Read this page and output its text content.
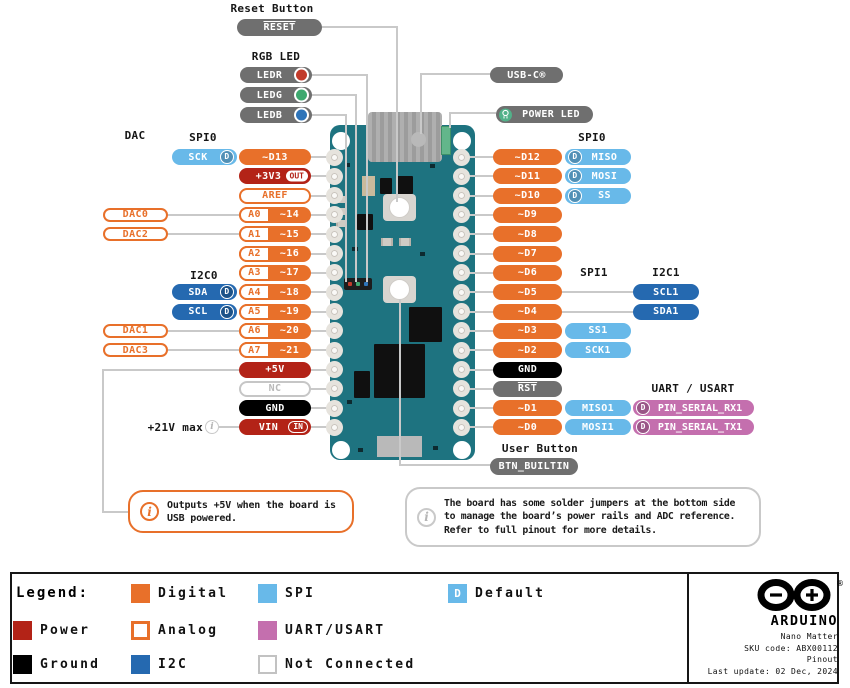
i	Outputs +5V when the board is
USB powered.	i
The board has some solder jumpers at the bottom side
to manage the board’s power rails and ADC reference.
Refer to full pinout for more details.
Legend:	Digital	SPI	D	Default
Power	Analog	UART/USART
Ground	I2C	Not Connected
®
ARDUINO
Nano Matter
SKU code: ABX00112
Pinout
Last update: 02 Dec, 2024
~D13
SCK	D
+3V3	OUT
AREF
A0	~14
DAC0
A1	~15
DAC2
A2	~16
A3	~17
A4	~18
SDA	D
A5	~19
SCL	D
A6	~20
DAC1
A7	~21
DAC3
+5V
NC
GND
VIN	IN
~D12	MISO
D
~D11	MOSI
D
~D10	SS
D
~D9
~D8
~D7
~D6
~D5	SCL1
~D4	SDA1
~D3	SS1
~D2	SCK1
GND
$\overline{RST}$
~D1	MISO1	PIN_SERIAL_RX1
D
~D0	MOSI1	PIN_SERIAL_TX1
D
RESET
LEDR
LEDG
LEDB
USB-C®
POWER LED
BTN_BUILTIN
Reset Button
RGB LED
DAC	SPI0
I2C0
SPI0
SPI1	I2C1
UART / USART
User Button
+21V max i
